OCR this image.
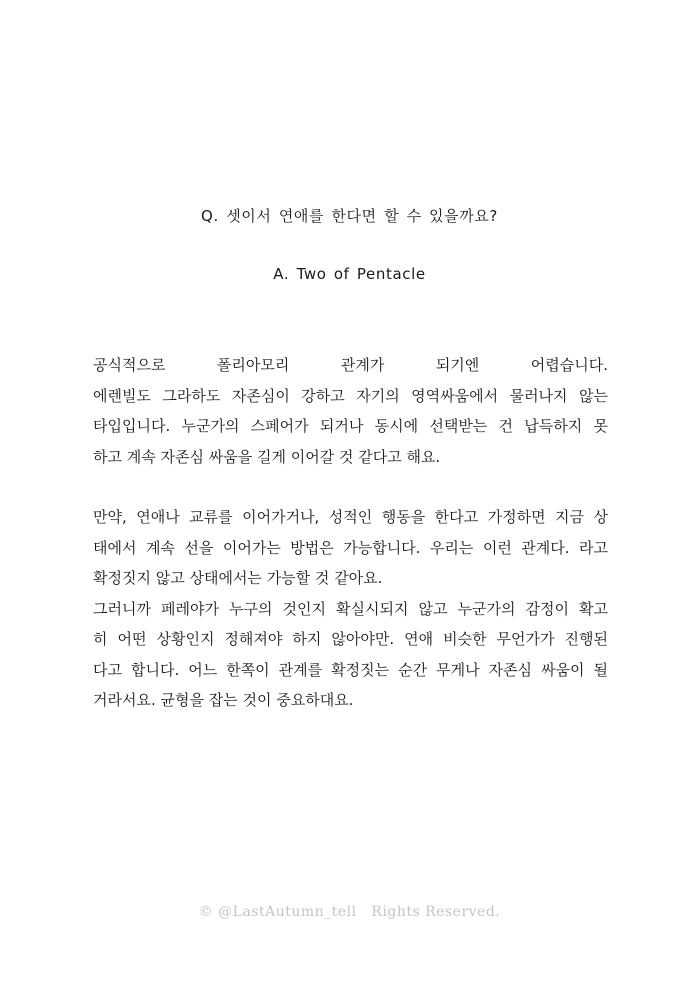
Q. 셋이서 연애를 한다면 할 수 있을까요?
A. Two of Pentacle
공식적으로 폴리아모리 관계가 되기엔 어렵습니다.
에렌빌도 그라하도 자존심이 강하고 자기의 영역싸움에서 물러나지 않는
타입입니다. 누군가의 스페어가 되거나 동시에 선택받는 건 납득하지 못
하고 계속 자존심 싸움을 길게 이어갈 것 같다고 해요.
만약, 연애나 교류를 이어가거나, 성적인 행동을 한다고 가정하면 지금 상
태에서 계속 선을 이어가는 방법은 가능합니다. 우리는 이런 관계다. 라고
확정짓지 않고 상태에서는 가능할 것 같아요.
그러니까 페레야가 누구의 것인지 확실시되지 않고 누군가의 감정이 확고
히 어떤 상황인지 정해져야 하지 않아야만. 연애 비슷한 무언가가 진행된
다고 합니다. 어느 한쪽이 관계를 확정짓는 순간 무게나 자존심 싸움이 될
거라서요. 균형을 잡는 것이 중요하대요.
© @LastAutumn_tell   Rights Reserved.
